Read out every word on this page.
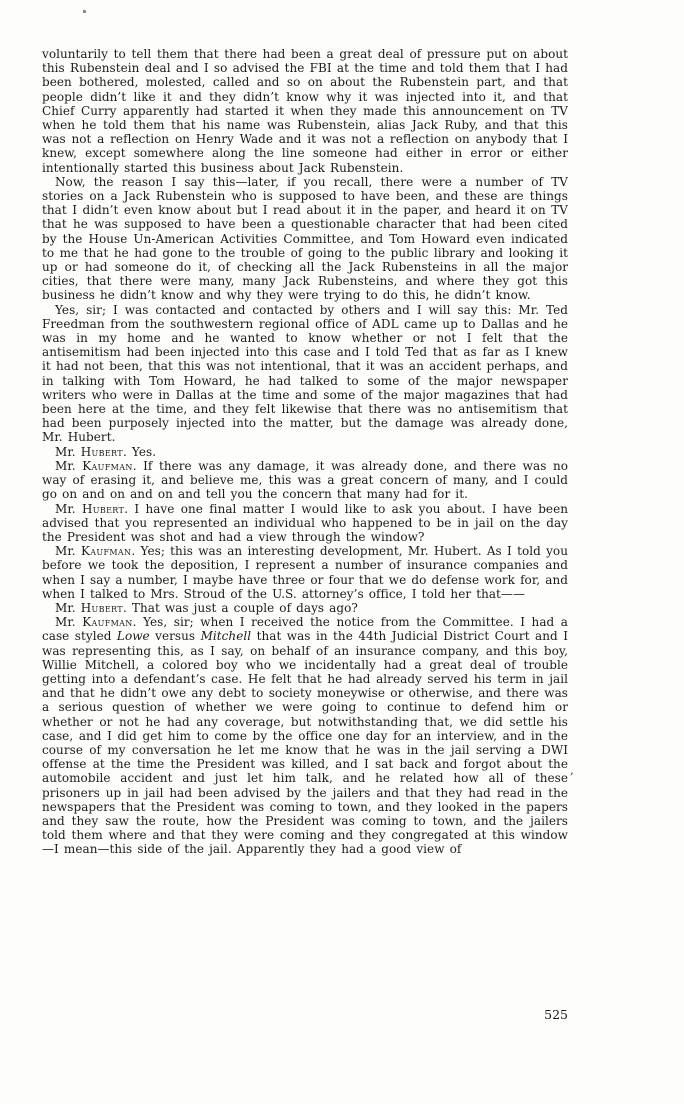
voluntarily to tell them that there had been a great deal of pressure put on about this Rubenstein deal and I so advised the FBI at the time and told them that I had been bothered, molested, called and so on about the Rubenstein part, and that people didn’t like it and they didn’t know why it was injected into it, and that Chief Curry apparently had started it when they made this announcement on TV when he told them that his name was Rubenstein, alias Jack Ruby, and that this was not a reflection on Henry Wade and it was not a reflection on anybody that I knew, except somewhere along the line someone had either in error or either intentionally started this business about Jack Rubenstein.

Now, the reason I say this—later, if you recall, there were a number of TV stories on a Jack Rubenstein who is supposed to have been, and these are things that I didn’t even know about but I read about it in the paper, and heard it on TV that he was supposed to have been a questionable character that had been cited by the House Un-American Activities Committee, and Tom Howard even indicated to me that he had gone to the trouble of going to the public library and looking it up or had someone do it, of checking all the Jack Rubensteins in all the major cities, that there were many, many Jack Rubensteins, and where they got this business he didn’t know and why they were trying to do this, he didn’t know.

Yes, sir; I was contacted and contacted by others and I will say this: Mr. Ted Freedman from the southwestern regional office of ADL came up to Dallas and he was in my home and he wanted to know whether or not I felt that the antisemitism had been injected into this case and I told Ted that as far as I knew it had not been, that this was not intentional, that it was an accident perhaps, and in talking with Tom Howard, he had talked to some of the major newspaper writers who were in Dallas at the time and some of the major magazines that had been here at the time, and they felt likewise that there was no antisemitism that had been purposely injected into the matter, but the damage was already done, Mr. Hubert.

Mr. Hubert. Yes.

Mr. Kaufman. If there was any damage, it was already done, and there was no way of erasing it, and believe me, this was a great concern of many, and I could go on and on and on and tell you the concern that many had for it.

Mr. Hubert. I have one final matter I would like to ask you about. I have been advised that you represented an individual who happened to be in jail on the day the President was shot and had a view through the window?

Mr. Kaufman. Yes; this was an interesting development, Mr. Hubert. As I told you before we took the deposition, I represent a number of insurance companies and when I say a number, I maybe have three or four that we do defense work for, and when I talked to Mrs. Stroud of the U.S. attorney’s office, I told her that——

Mr. Hubert. That was just a couple of days ago?

Mr. Kaufman. Yes, sir; when I received the notice from the Committee. I had a case styled Lowe versus Mitchell that was in the 44th Judicial District Court and I was representing this, as I say, on behalf of an insurance company, and this boy, Willie Mitchell, a colored boy who we incidentally had a great deal of trouble getting into a defendant’s case. He felt that he had already served his term in jail and that he didn’t owe any debt to society moneywise or otherwise, and there was a serious question of whether we were going to continue to defend him or whether or not he had any coverage, but notwithstanding that, we did settle his case, and I did get him to come by the office one day for an interview, and in the course of my conversation he let me know that he was in the jail serving a DWI offense at the time the President was killed, and I sat back and forgot about the automobile accident and just let him talk, and he related how all of these prisoners up in jail had been advised by the jailers and that they had read in the newspapers that the President was coming to town, and they looked in the papers and they saw the route, how the President was coming to town, and the jailers told them where and that they were coming and they congregated at this window—I mean—this side of the jail. Apparently they had a good view of

,
525
